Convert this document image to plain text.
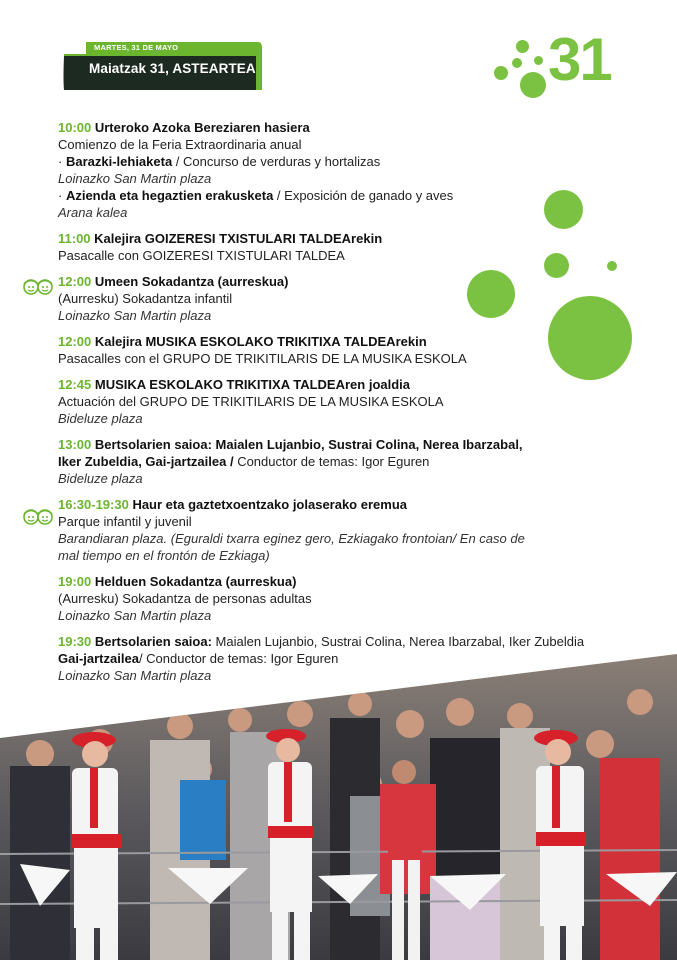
MARTES, 31 DE MAYO
Maiatzak 31, ASTEARTEA	31
10:00 Urteroko Azoka Bereziaren hasiera
Comienzo de la Feria Extraordinaria anual
· Barazki-lehiaketa / Concurso de verduras y hortalizas
Loinazko San Martin plaza
· Azienda eta hegaztien erakusketa / Exposición de ganado y aves
Arana kalea
11:00 Kalejira GOIZERESI TXISTULARI TALDEArekin
Pasacalle con GOIZERESI TXISTULARI TALDEA
12:00 Umeen Sokadantza (aurreskua)
(Aurresku) Sokadantza infantil
Loinazko San Martin plaza
12:00 Kalejira MUSIKA ESKOLAKO TRIKITIXA TALDEArekin
Pasacalles con el GRUPO DE TRIKITILARIS DE LA MUSIKA ESKOLA
12:45 MUSIKA ESKOLAKO TRIKITIXA TALDEAren joaldia
Actuación del GRUPO DE TRIKITILARIS DE LA MUSIKA ESKOLA
Bideluze plaza
13:00 Bertsolarien saioa: Maialen Lujanbio, Sustrai Colina, Nerea Ibarzabal,
Iker Zubeldia, Gai-jartzailea / Conductor de temas: Igor Eguren
Bideluze plaza
16:30-19:30 Haur eta gaztetxoentzako jolaserako eremua
Parque infantil y juvenil
Barandiaran plaza. (Eguraldi txarra eginez gero, Ezkiagako frontoian/ En caso de
mal tiempo en el frontón de Ezkiaga)
19:00 Helduen Sokadantza (aurreskua)
(Aurresku) Sokadantza de personas adultas
Loinazko San Martin plaza
19:30 Bertsolarien saioa: Maialen Lujanbio, Sustrai Colina, Nerea Ibarzabal, Iker Zubeldia
Gai-jartzailea/ Conductor de temas: Igor Eguren
Loinazko San Martin plaza
